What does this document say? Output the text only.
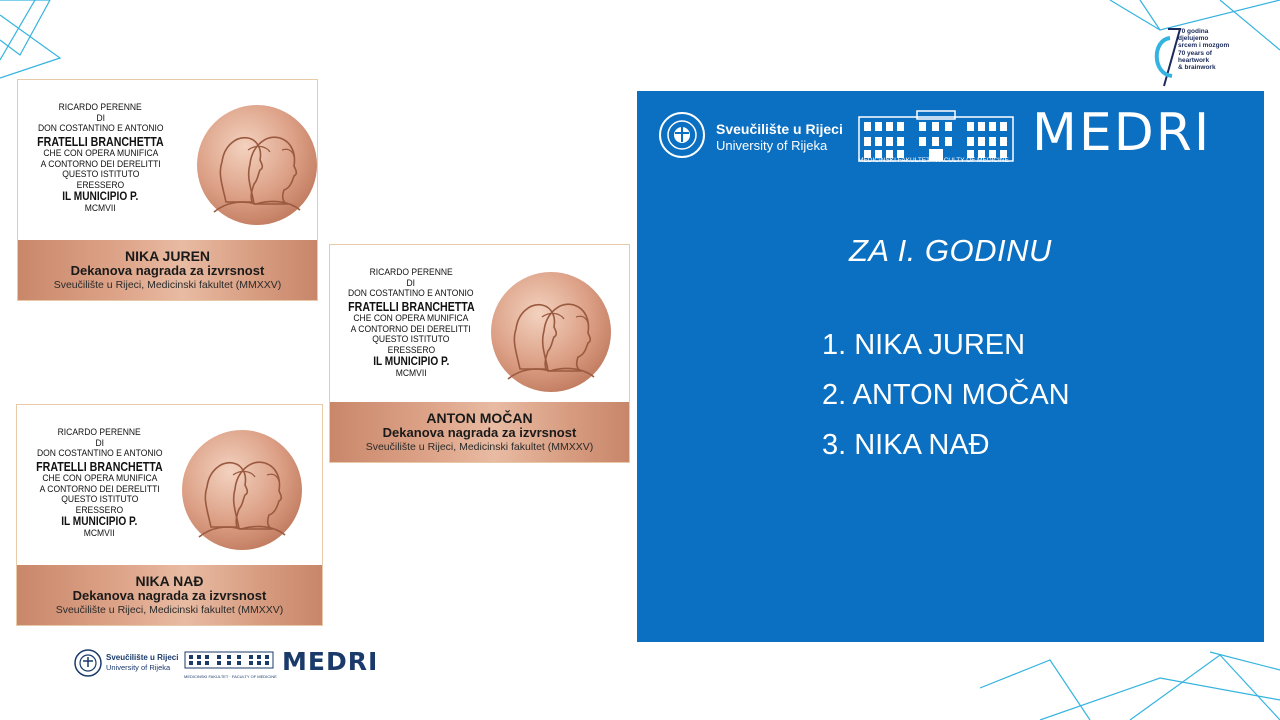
70 godina
djelujemo
srcem i mozgom
70 years of
heartwork
& brainwork
RICARDO PERENNE
DI
DON COSTANTINO E ANTONIO
FRATELLI BRANCHETTA
CHE CON OPERA MUNIFICA
A CONTORNO DEI DERELITTI
QUESTO ISTITUTO
ERESSERO
IL MUNICIPIO P.
MCMVII
NIKA JUREN
Dekanova nagrada za izvrsnost
Sveučilište u Rijeci, Medicinski fakultet (MMXXV)
RICARDO PERENNE
DI
DON COSTANTINO E ANTONIO
FRATELLI BRANCHETTA
CHE CON OPERA MUNIFICA
A CONTORNO DEI DERELITTI
QUESTO ISTITUTO
ERESSERO
IL MUNICIPIO P.
MCMVII
ANTON MOČAN
Dekanova nagrada za izvrsnost
Sveučilište u Rijeci, Medicinski fakultet (MMXXV)
RICARDO PERENNE
DI
DON COSTANTINO E ANTONIO
FRATELLI BRANCHETTA
CHE CON OPERA MUNIFICA
A CONTORNO DEI DERELITTI
QUESTO ISTITUTO
ERESSERO
IL MUNICIPIO P.
MCMVII
NIKA NAĐ
Dekanova nagrada za izvrsnost
Sveučilište u Rijeci, Medicinski fakultet (MMXXV)
Sveučilište u Rijeci
University of Rijeka
MEDICINSKI FAKULTET · FACULTY OF MEDICINE
MEDRI
Sveučilište u Rijeci
University of Rijeka
MEDICINSKI FAKULTET · FACULTY OF MEDICINE MEDRI
ZA I. GODINU
1. NIKA JUREN
2. ANTON MOČAN
3. NIKA NAĐ
